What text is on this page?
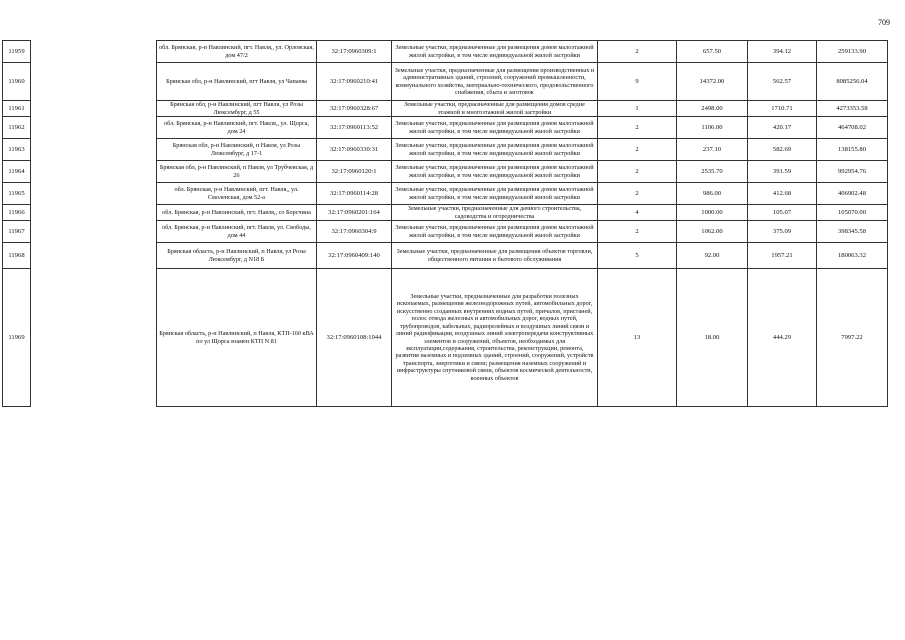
709
11959			обл. Брянская, р-н Навлинский, пгт. Навля,, ул. Орловская, дом 47/2	32:17:0960309:1	Земельные участки, предназначенные для размещения домов малоэтажной жилой застройки, в том числе индивидуальной жилой застройки	2	657.50	394.12	259133.90
11960			Брянская обл, р-н Навлинский, пгт Навля, ул Чапаева	32:17:0960210:41	Земельные участки, предназначенные для размещения производственных и административных зданий, строений, сооружений промышленности, коммунального хозяйства, материально-технического, продовольственного снабжения, сбыта и заготовок	9	14372.00	562.57	8085256.04
11961			Брянская обл, р-н Навлинский, пгт Навля, ул Розы Люксембург, д 55	32:17:0960328:67	Земельные участки, предназначенные для размещения домов средне этажной и многоэтажной жилой застройки	1	2498.00	1710.71	4273353.58
11962			обл. Брянская, р-н Навлинский, пгт. Навля,, ул. Щорса, дом 24	32:17:0960113:52	Земельные участки, предназначенные для размещения домов малоэтажной жилой застройки, в том числе индивидуальной жилой застройки	2	1106.00	420.17	464708.02
11963			Брянская обл, р-н Навлинский, п Навля, ул Розы Люксембург, д 17-1	32:17:0960330:31	Земельные участки, предназначенные для размещения домов малоэтажной жилой застройки, в том числе индивидуальной жилой застройки	2	237.10	582.69	138155.80
11964			Брянская обл, р-н Навлинский, п Навля, ул Трубчевская, д 26	32:17:0960120:1	Земельные участки, предназначенные для размещения домов малоэтажной жилой застройки, в том числе индивидуальной жилой застройки	2	2535.70	391.59	992954.76
11965			обл. Брянская, р-н Навлинский, пгт. Навля,, ул. Смоленская, дом 52-а	32:17:0960114:28	Земельные участки, предназначенные для размещения домов малоэтажной жилой застройки, в том числе индивидуальной жилой застройки	2	986.00	412.68	406902.48
11966			обл. Брянская, р-н Навлинский, пгт. Навля,, со Борсчина	32:17:0960201:164	Земельные участки, предназначенные для дачного строительства, садоводства и огородничества	4	1000.00	105.07	105070.00
11967			обл. Брянская, р-н Навлинский, пгт. Навля, ул. Свободы, дом 44	32:17:0960304:9	Земельные участки, предназначенные для размещения домов малоэтажной жилой застройки, в том числе индивидуальной жилой застройки	2	1062.00	375.09	398345.58
11968			Брянская область, р-н Навлинский, п Навля, ул Розы Люксембург, д N18 Б	32:17:0960409:140	Земельные участки, предназначенные для размещения объектов торговли, общественного питания и бытового обслуживания	5	92.00	1957.21	180063.32
11969			Брянская область, р-н Навлинский, п Навля, КТП-160 кВА по ул Щорса взамен КТП N 81	32:17:0960108:1044	Земельные участки, предназначенные для разработки полезных ископаемых, размещения железнодорожных путей, автомобильных дорог, искусственно созданных внутренних водных путей, причалов, пристаней, полос отвода железных и автомобильных дорог, водных путей, трубопроводов, кабельных, радиорелейных и воздушных линий связи и линий радиофикации, воздушных линий электропередачи конструктивных элементов и сооружений, объектов, необходимых для эксплуатации,содержания, строительства, реконструкции, ремонта, развития наземных и подземных зданий, строений, сооружений, устройств транспорта, энергетики и связи; размещения наземных сооружений и инфраструктуры спутниковой связи, объектов космической деятельности, военных объектов	13	18.00	444.29	7997.22
